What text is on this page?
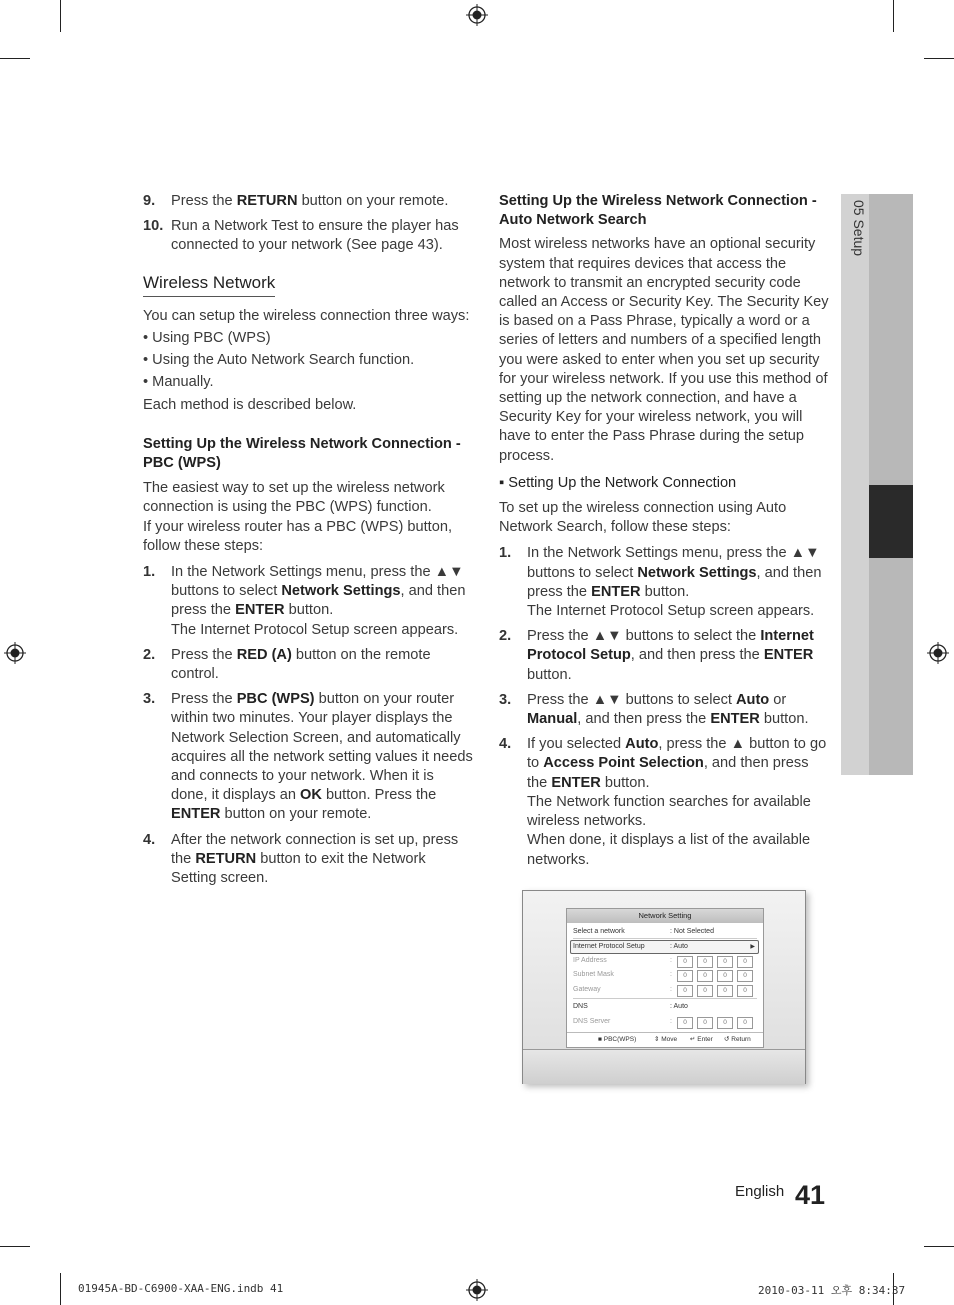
05 Setup
9.	Press the RETURN button on your remote.
10. Run a Network Test to ensure the player has connected to your network (See page 43).
Wireless Network

You can setup the wireless connection three ways:

• Using PBC (WPS)

• Using the Auto Network Search function.

• Manually.

Each method is described below.

Setting Up the Wireless Network Connection - PBC (WPS)

The easiest way to set up the wireless network connection is using the PBC (WPS) function.

If your wireless router has a PBC (WPS) button, follow these steps:

1.	In the Network Settings menu, press the ▲▼ buttons to select Network Settings, and then press the ENTER button.
The Internet Protocol Setup screen appears.
2.	Press the RED (A) button on the remote control.
3.	Press the PBC (WPS) button on your router within two minutes. Your player displays the Network Selection Screen, and automatically acquires all the network setting values it needs and connects to your network. When it is done, it displays an OK button. Press the ENTER button on your remote.
4.	After the network connection is set up, press the RETURN button to exit the Network Setting screen.

Setting Up the Wireless Network Connection - Auto Network Search

Most wireless networks have an optional security system that requires devices that access the network to transmit an encrypted security code called an Access or Security Key. The Security Key is based on a Pass Phrase, typically a word or a series of letters and numbers of a specified length you were asked to enter when you set up security for your wireless network. If you use this method of setting up the network connection, and have a Security Key for your wireless network, you will have to enter the Pass Phrase during the setup process.

▪ Setting Up the Network Connection

To set up the wireless connection using Auto Network Search, follow these steps:

1.	In the Network Settings menu, press the ▲▼ buttons to select Network Settings, and then press the ENTER button.
The Internet Protocol Setup screen appears.
2.	Press the ▲▼ buttons to select the Internet Protocol Setup, and then press the ENTER button.
3.	Press the ▲▼ buttons to select Auto or Manual, and then press the ENTER button.
4.	If you selected Auto, press the ▲ button to go to Access Point Selection, and then press the ENTER button.
The Network function searches for available wireless networks.
When done, it displays a list of the available networks.
Network Setting
Select a network	: Not Selected
Internet Protocol Setup	: Auto	▶
IP Address	:	0	0	0	0
Subnet Mask	:	0	0	0	0
Gateway	:	0	0	0	0
DNS	: Auto
DNS Server	:	0	0	0	0
■ PBC(WPS)	⇕ Move ↵ Enter ↺ Return
English 41
01945A-BD-C6900-XAA-ENG.indb 41	2010-03-11 오후 8:34:37
